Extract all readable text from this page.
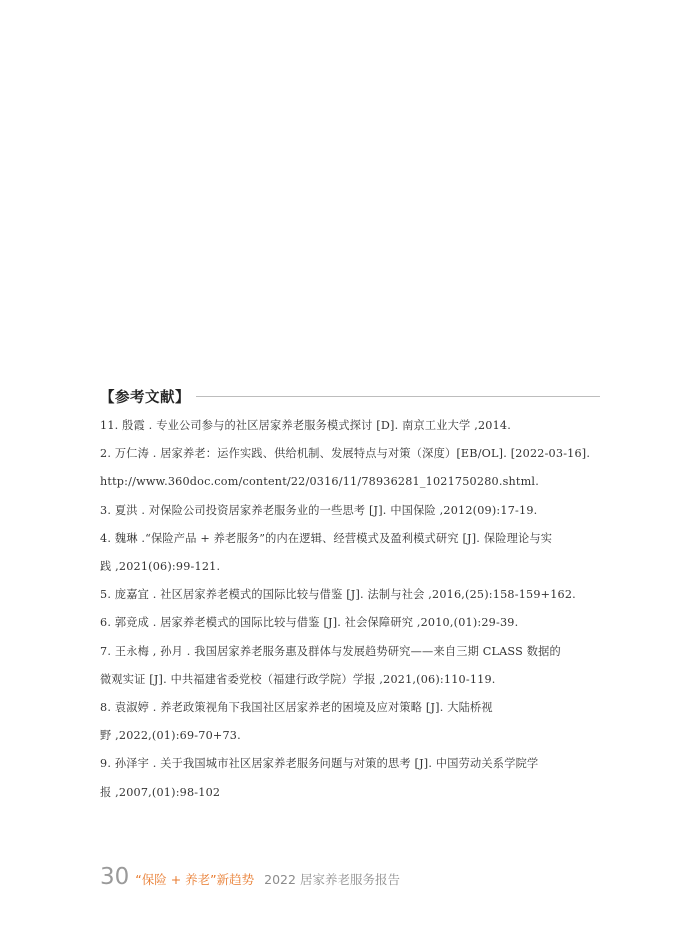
【参考文献】
11. 殷霞 . 专业公司参与的社区居家养老服务模式探讨 [D]. 南京工业大学 ,2014.
2. 万仁涛 . 居家养老：运作实践、供给机制、发展特点与对策（深度）[EB/OL]. [2022-03-16].
http://www.360doc.com/content/22/0316/11/78936281_1021750280.shtml.
3. 夏洪 . 对保险公司投资居家养老服务业的一些思考 [J]. 中国保险 ,2012(09):17-19.
4. 魏琳 .“保险产品 + 养老服务”的内在逻辑、经营模式及盈利模式研究 [J]. 保险理论与实
践 ,2021(06):99-121.
5. 庞嘉宜 . 社区居家养老模式的国际比较与借鉴 [J]. 法制与社会 ,2016,(25):158-159+162.
6. 郭竞成 . 居家养老模式的国际比较与借鉴 [J]. 社会保障研究 ,2010,(01):29-39.
7. 王永梅 , 孙月 . 我国居家养老服务惠及群体与发展趋势研究——来自三期 CLASS 数据的
微观实证 [J]. 中共福建省委党校（福建行政学院）学报 ,2021,(06):110-119.
8. 袁淑婷 . 养老政策视角下我国社区居家养老的困境及应对策略 [J]. 大陆桥视
野 ,2022,(01):69-70+73.
9. 孙泽宇 . 关于我国城市社区居家养老服务问题与对策的思考 [J]. 中国劳动关系学院学
报 ,2007,(01):98-102
30 “保险 + 养老”新趋势 2022 居家养老服务报告
